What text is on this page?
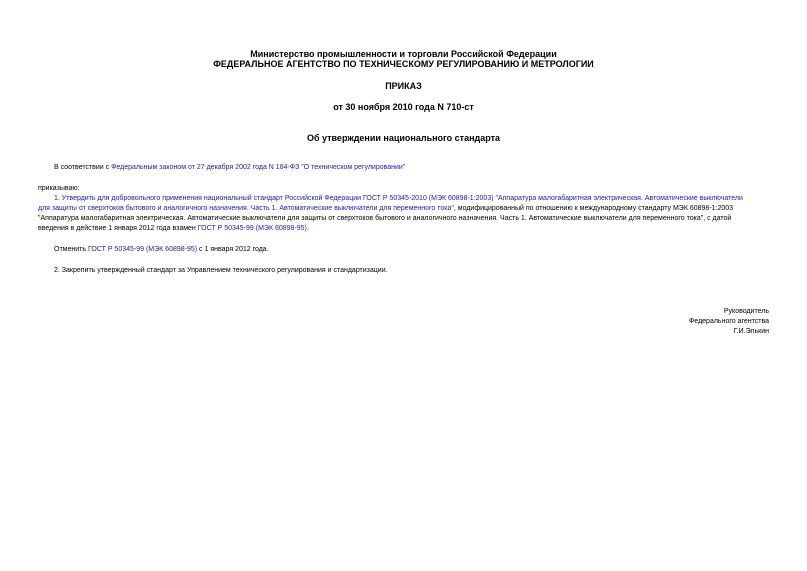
Министерство промышленности и торговли Российской Федерации
ФЕДЕРАЛЬНОЕ АГЕНТСТВО ПО ТЕХНИЧЕСКОМУ РЕГУЛИРОВАНИЮ И МЕТРОЛОГИИ
ПРИКАЗ
от 30 ноября 2010 года N 710-ст
Об утверждении национального стандарта

В соответствии с Федеральным законом от 27 декабря 2002 года N 184-ФЗ "О техническом регулировании"

приказываю:

1. Утвердить для добровольного применения национальный стандарт Российской Федерации ГОСТ Р 50345-2010 (МЭК 60898-1:2003) "Аппаратура малогабаритная электрическая. Автоматические выключатели

для защиты от сверхтоков бытового и аналогичного назначения. Часть 1. Автоматические выключатели для переменного тока", модифицированный по отношению к международному стандарту МЭК 60898-1:2003

"Аппаратура малогабаритная электрическая. Автоматические выключатели для защиты от сверхтоков бытового и аналогичного назначения. Часть 1. Автоматические выключатели для переменного тока", с датой

введения в действие 1 января 2012 года взамен ГОСТ Р 50345-99 (МЭК 60898-95).

Отменить ГОСТ Р 50345-99 (МЭК 60898-95) с 1 января 2012 года.

2. Закрепить утвержденный стандарт за Управлением технического регулирования и стандартизации.

Руководитель
Федерального агентства
Г.И.Элькин
